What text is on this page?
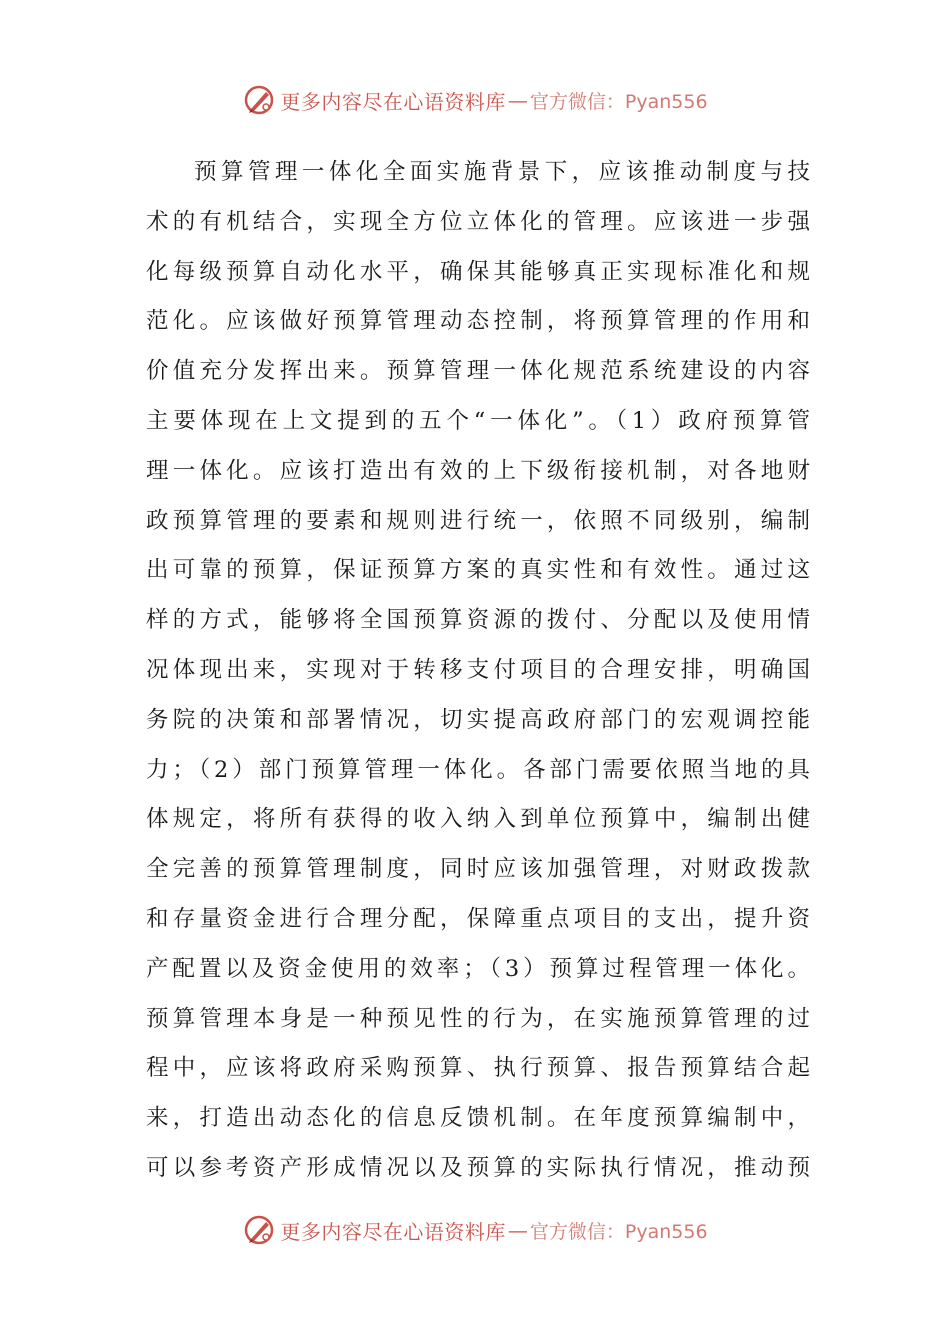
更多内容尽在心语资料库 — 官方微信：Pyan556
预算管理一体化全面实施背景下，应该推动制度与技
术的有机结合，实现全方位立体化的管理。应该进一步强
化每级预算自动化水平，确保其能够真正实现标准化和规
范化。应该做好预算管理动态控制，将预算管理的作用和
价值充分发挥出来。预算管理一体化规范系统建设的内容
主要体现在上文提到的五个“一体化”。（1）政府预算管
理一体化。应该打造出有效的上下级衔接机制，对各地财
政预算管理的要素和规则进行统一，依照不同级别，编制
出可靠的预算，保证预算方案的真实性和有效性。通过这
样的方式，能够将全国预算资源的拨付、分配以及使用情
况体现出来，实现对于转移支付项目的合理安排，明确国
务院的决策和部署情况，切实提高政府部门的宏观调控能
力；（2）部门预算管理一体化。各部门需要依照当地的具
体规定，将所有获得的收入纳入到单位预算中，编制出健
全完善的预算管理制度，同时应该加强管理，对财政拨款
和存量资金进行合理分配，保障重点项目的支出，提升资
产配置以及资金使用的效率；（3）预算过程管理一体化。
预算管理本身是一种预见性的行为，在实施预算管理的过
程中，应该将政府采购预算、执行预算、报告预算结合起
来，打造出动态化的信息反馈机制。在年度预算编制中，
可以参考资产形成情况以及预算的实际执行情况，推动预
更多内容尽在心语资料库 — 官方微信：Pyan556
